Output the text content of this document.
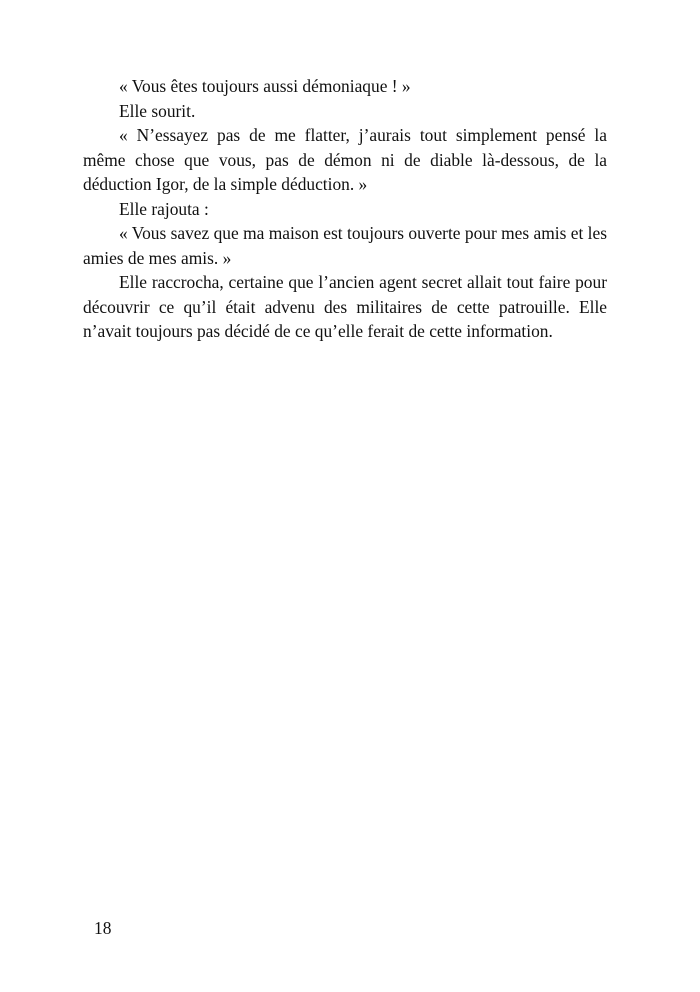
« Vous êtes toujours aussi démoniaque ! »

Elle sourit.

« N’essayez pas de me flatter, j’aurais tout simplement pensé la même chose que vous, pas de démon ni de diable là-dessous, de la déduction Igor, de la simple déduction. »

Elle rajouta :

« Vous savez que ma maison est toujours ouverte pour mes amis et les amies de mes amis. »

Elle raccrocha, certaine que l’ancien agent secret allait tout faire pour découvrir ce qu’il était advenu des militaires de cette patrouille. Elle n’avait toujours pas décidé de ce qu’elle ferait de cette information.

18
